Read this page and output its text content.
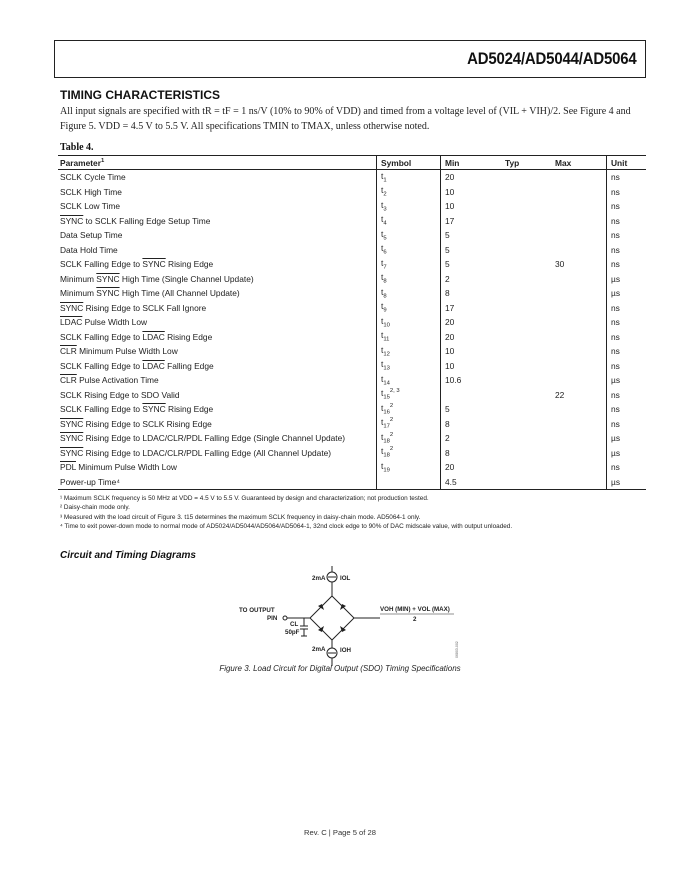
AD5024/AD5044/AD5064
TIMING CHARACTERISTICS
All input signals are specified with tR = tF = 1 ns/V (10% to 90% of VDD) and timed from a voltage level of (VIL + VIH)/2. See Figure 4 and Figure 5. VDD = 4.5 V to 5.5 V. All specifications TMIN to TMAX, unless otherwise noted.
Table 4.
Parameter$^1$	Symbol	Min	Typ	Max	Unit
SCLK Cycle Time	$t_1$	20			ns
SCLK High Time	$t_2$	10			ns
SCLK Low Time	$t_3$	10			ns
SYNC to SCLK Falling Edge Setup Time	$t_4$	17			ns
Data Setup Time	$t_5$	5			ns
Data Hold Time	$t_6$	5			ns
SCLK Falling Edge to SYNC Rising Edge	$t_7$	5		30	ns
Minimum SYNC High Time (Single Channel Update)	$t_8$	2			µs
Minimum SYNC High Time (All Channel Update)	$t_8$	8			µs
SYNC Rising Edge to SCLK Fall Ignore	$t_9$	17			ns
LDAC Pulse Width Low	$t_{10}$	20			ns
SCLK Falling Edge to LDAC Rising Edge	$t_{11}$	20			ns
$\overline{CLR}$ Minimum Pulse Width Low	$t_{12}$	10			ns
SCLK Falling Edge to LDAC Falling Edge	$t_{13}$	10			ns
$\overline{CLR}$ Pulse Activation Time	$t_{14}$	10.6			µs
SCLK Rising Edge to SDO Valid	$t_{15}^{2, 3}$			22	ns
SCLK Falling Edge to SYNC Rising Edge	$t_{16}^2$	5			ns
SYNC Rising Edge to SCLK Rising Edge	$t_{17}^2$	8			ns
SYNC Rising Edge to LDAC/CLR/PDL Falling Edge (Single Channel Update)	$t_{18}^2$	2			µs
SYNC Rising Edge to LDAC/CLR/PDL Falling Edge (All Channel Update)	$t_{18}^2$	8			µs
$\overline{PDL}$ Minimum Pulse Width Low	$t_{19}$	20			ns
Power-up Time⁴		4.5			µs
¹ Maximum SCLK frequency is 50 MHz at VDD = 4.5 V to 5.5 V. Guaranteed by design and characterization; not production tested.
² Daisy-chain mode only.
³ Measured with the load circuit of Figure 3. t15 determines the maximum SCLK frequency in daisy-chain mode. AD5064-1 only.
⁴ Time to exit power-down mode to normal mode of AD5024/AD5044/AD5064/AD5064-1, 32nd clock edge to 90% of DAC midscale value, with output unloaded.
Circuit and Timing Diagrams
2mA IOL
2mA IOH
TO OUTPUT
PIN
CL
50pF
VOH (MIN) + VOL (MAX)
2
06803-002
Figure 3. Load Circuit for Digital Output (SDO) Timing Specifications
Rev. C | Page 5 of 28
